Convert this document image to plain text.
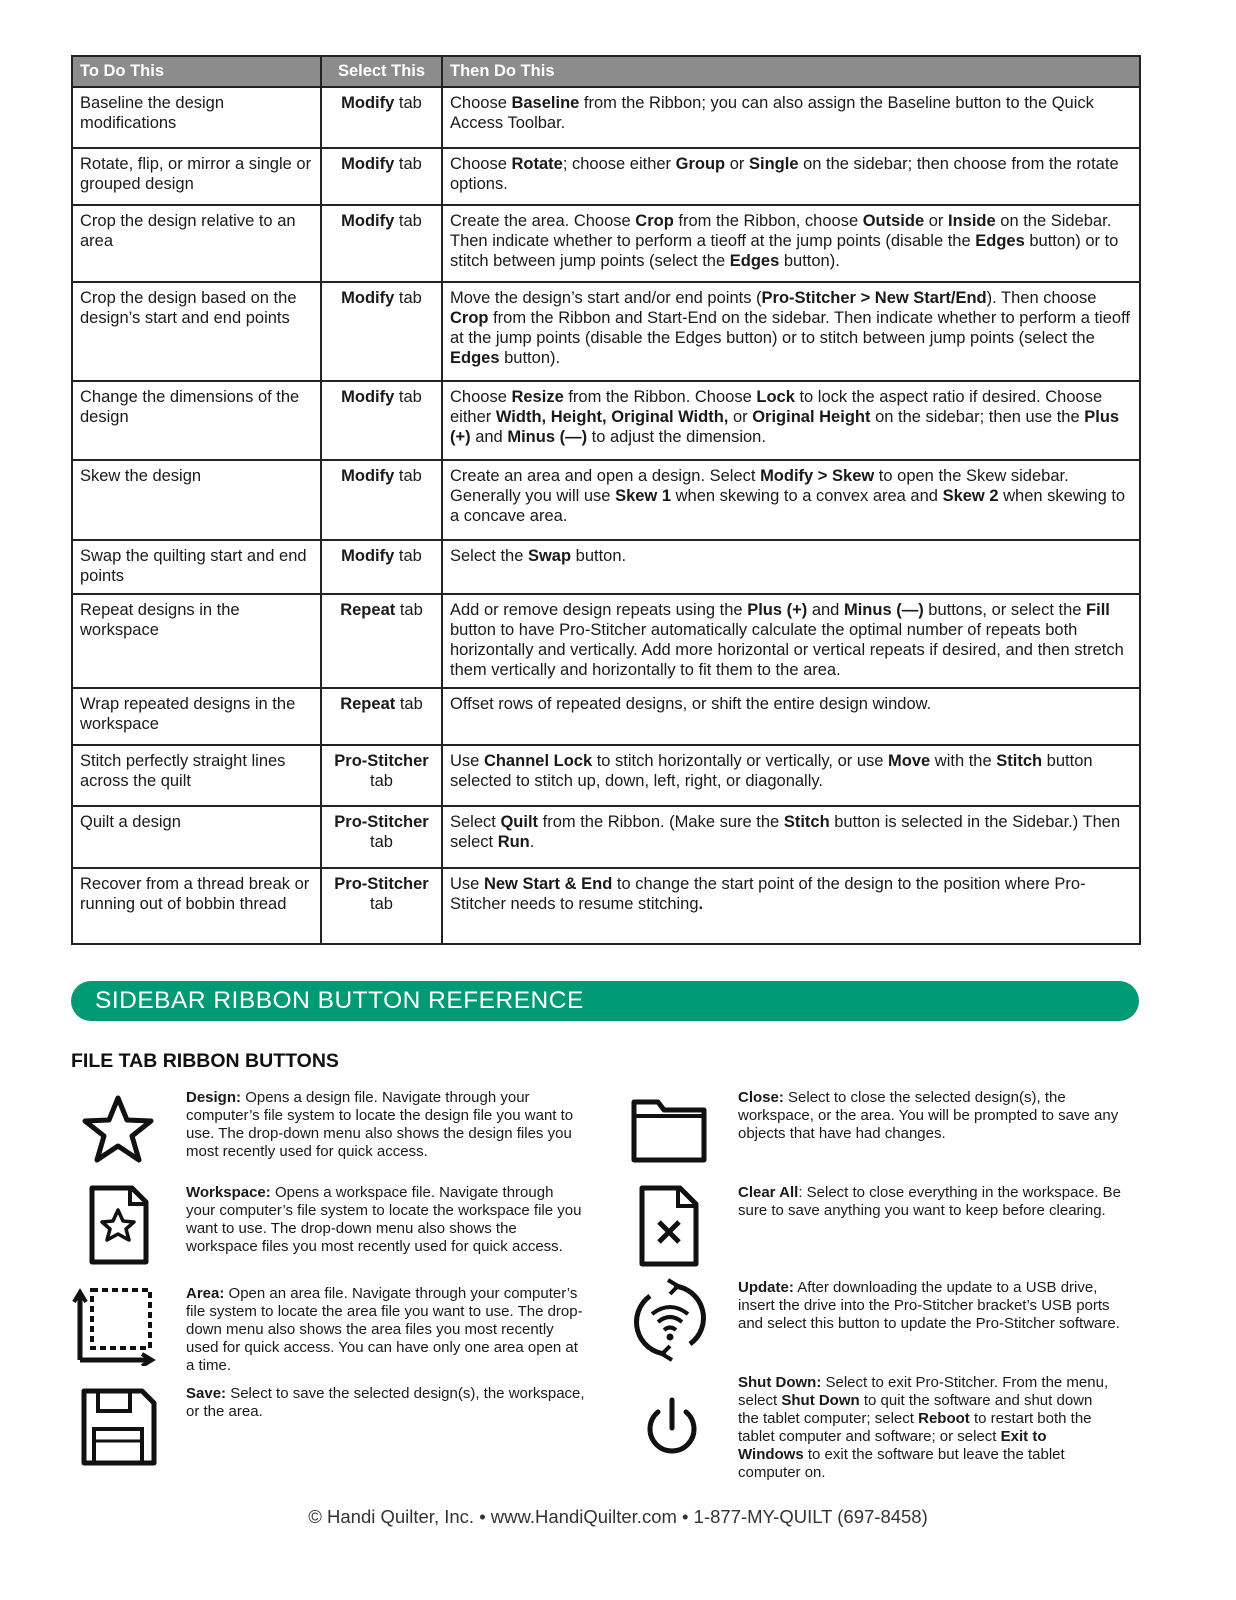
To Do This	Select This	Then Do This
Baseline the design modifications	Modify tab	Choose Baseline from the Ribbon; you can also assign the Baseline button to the Quick Access Toolbar.
Rotate, flip, or mirror a single or grouped design	Modify tab	Choose Rotate; choose either Group or Single on the sidebar; then choose from the rotate options.
Crop the design relative to an area	Modify tab	Create the area. Choose Crop from the Ribbon, choose Outside or Inside on the Sidebar. Then indicate whether to perform a tieoff at the jump points (disable the Edges button) or to stitch between jump points (select the Edges button).
Crop the design based on the design’s start and end points	Modify tab	Move the design’s start and/or end points (Pro-Stitcher > New Start/End). Then choose Crop from the Ribbon and Start-End on the sidebar. Then indicate whether to perform a tieoff at the jump points (disable the Edges button) or to stitch between jump points (select the Edges button).
Change the dimensions of the design	Modify tab	Choose Resize from the Ribbon. Choose Lock to lock the aspect ratio if desired. Choose either Width, Height, Original Width, or Original Height on the sidebar; then use the Plus (+) and Minus (—) to adjust the dimension.
Skew the design	Modify tab	Create an area and open a design. Select Modify > Skew to open the Skew sidebar. Generally you will use Skew 1 when skewing to a convex area and Skew 2 when skewing to a concave area.
Swap the quilting start and end points	Modify tab	Select the Swap button.
Repeat designs in the workspace	Repeat tab	Add or remove design repeats using the Plus (+) and Minus (—) buttons, or select the Fill button to have Pro-Stitcher automatically calculate the optimal number of repeats both horizontally and vertically. Add more horizontal or vertical repeats if desired, and then stretch them vertically and horizontally to fit them to the area.
Wrap repeated designs in the workspace	Repeat tab	Offset rows of repeated designs, or shift the entire design window.
Stitch perfectly straight lines across the quilt	Pro-Stitcher tab	Use Channel Lock to stitch horizontally or vertically, or use Move with the Stitch button selected to stitch up, down, left, right, or diagonally.
Quilt a design	Pro-Stitcher tab	Select Quilt from the Ribbon. (Make sure the Stitch button is selected in the Sidebar.) Then select Run.
Recover from a thread break or running out of bobbin thread	Pro-Stitcher tab	Use New Start & End to change the start point of the design to the position where Pro-Stitcher needs to resume stitching.
SIDEBAR RIBBON BUTTON REFERENCE
FILE TAB RIBBON BUTTONS
Design: Opens a design file. Navigate through your computer’s file system to locate the design file you want to use. The drop-down menu also shows the design files you most recently used for quick access.
Workspace: Opens a workspace file. Navigate through your computer’s file system to locate the workspace file you want to use. The drop-down menu also shows the workspace files you most recently used for quick access.
Area: Open an area file. Navigate through your computer’s file system to locate the area file you want to use. The drop-down menu also shows the area files you most recently used for quick access. You can have only one area open at a time.
Save: Select to save the selected design(s), the workspace, or the area.
Close: Select to close the selected design(s), the workspace, or the area. You will be prompted to save any objects that have had changes.
Clear All: Select to close everything in the workspace. Be sure to save anything you want to keep before clearing.
Update: After downloading the update to a USB drive, insert the drive into the Pro-Stitcher bracket’s USB ports and select this button to update the Pro-Stitcher software.
Shut Down: Select to exit Pro-Stitcher. From the menu, select Shut Down to quit the software and shut down the tablet computer; select Reboot to restart both the tablet computer and software; or select Exit to Windows to exit the software but leave the tablet computer on.
© Handi Quilter, Inc. • www.HandiQuilter.com • 1-877-MY-QUILT (697-8458)
